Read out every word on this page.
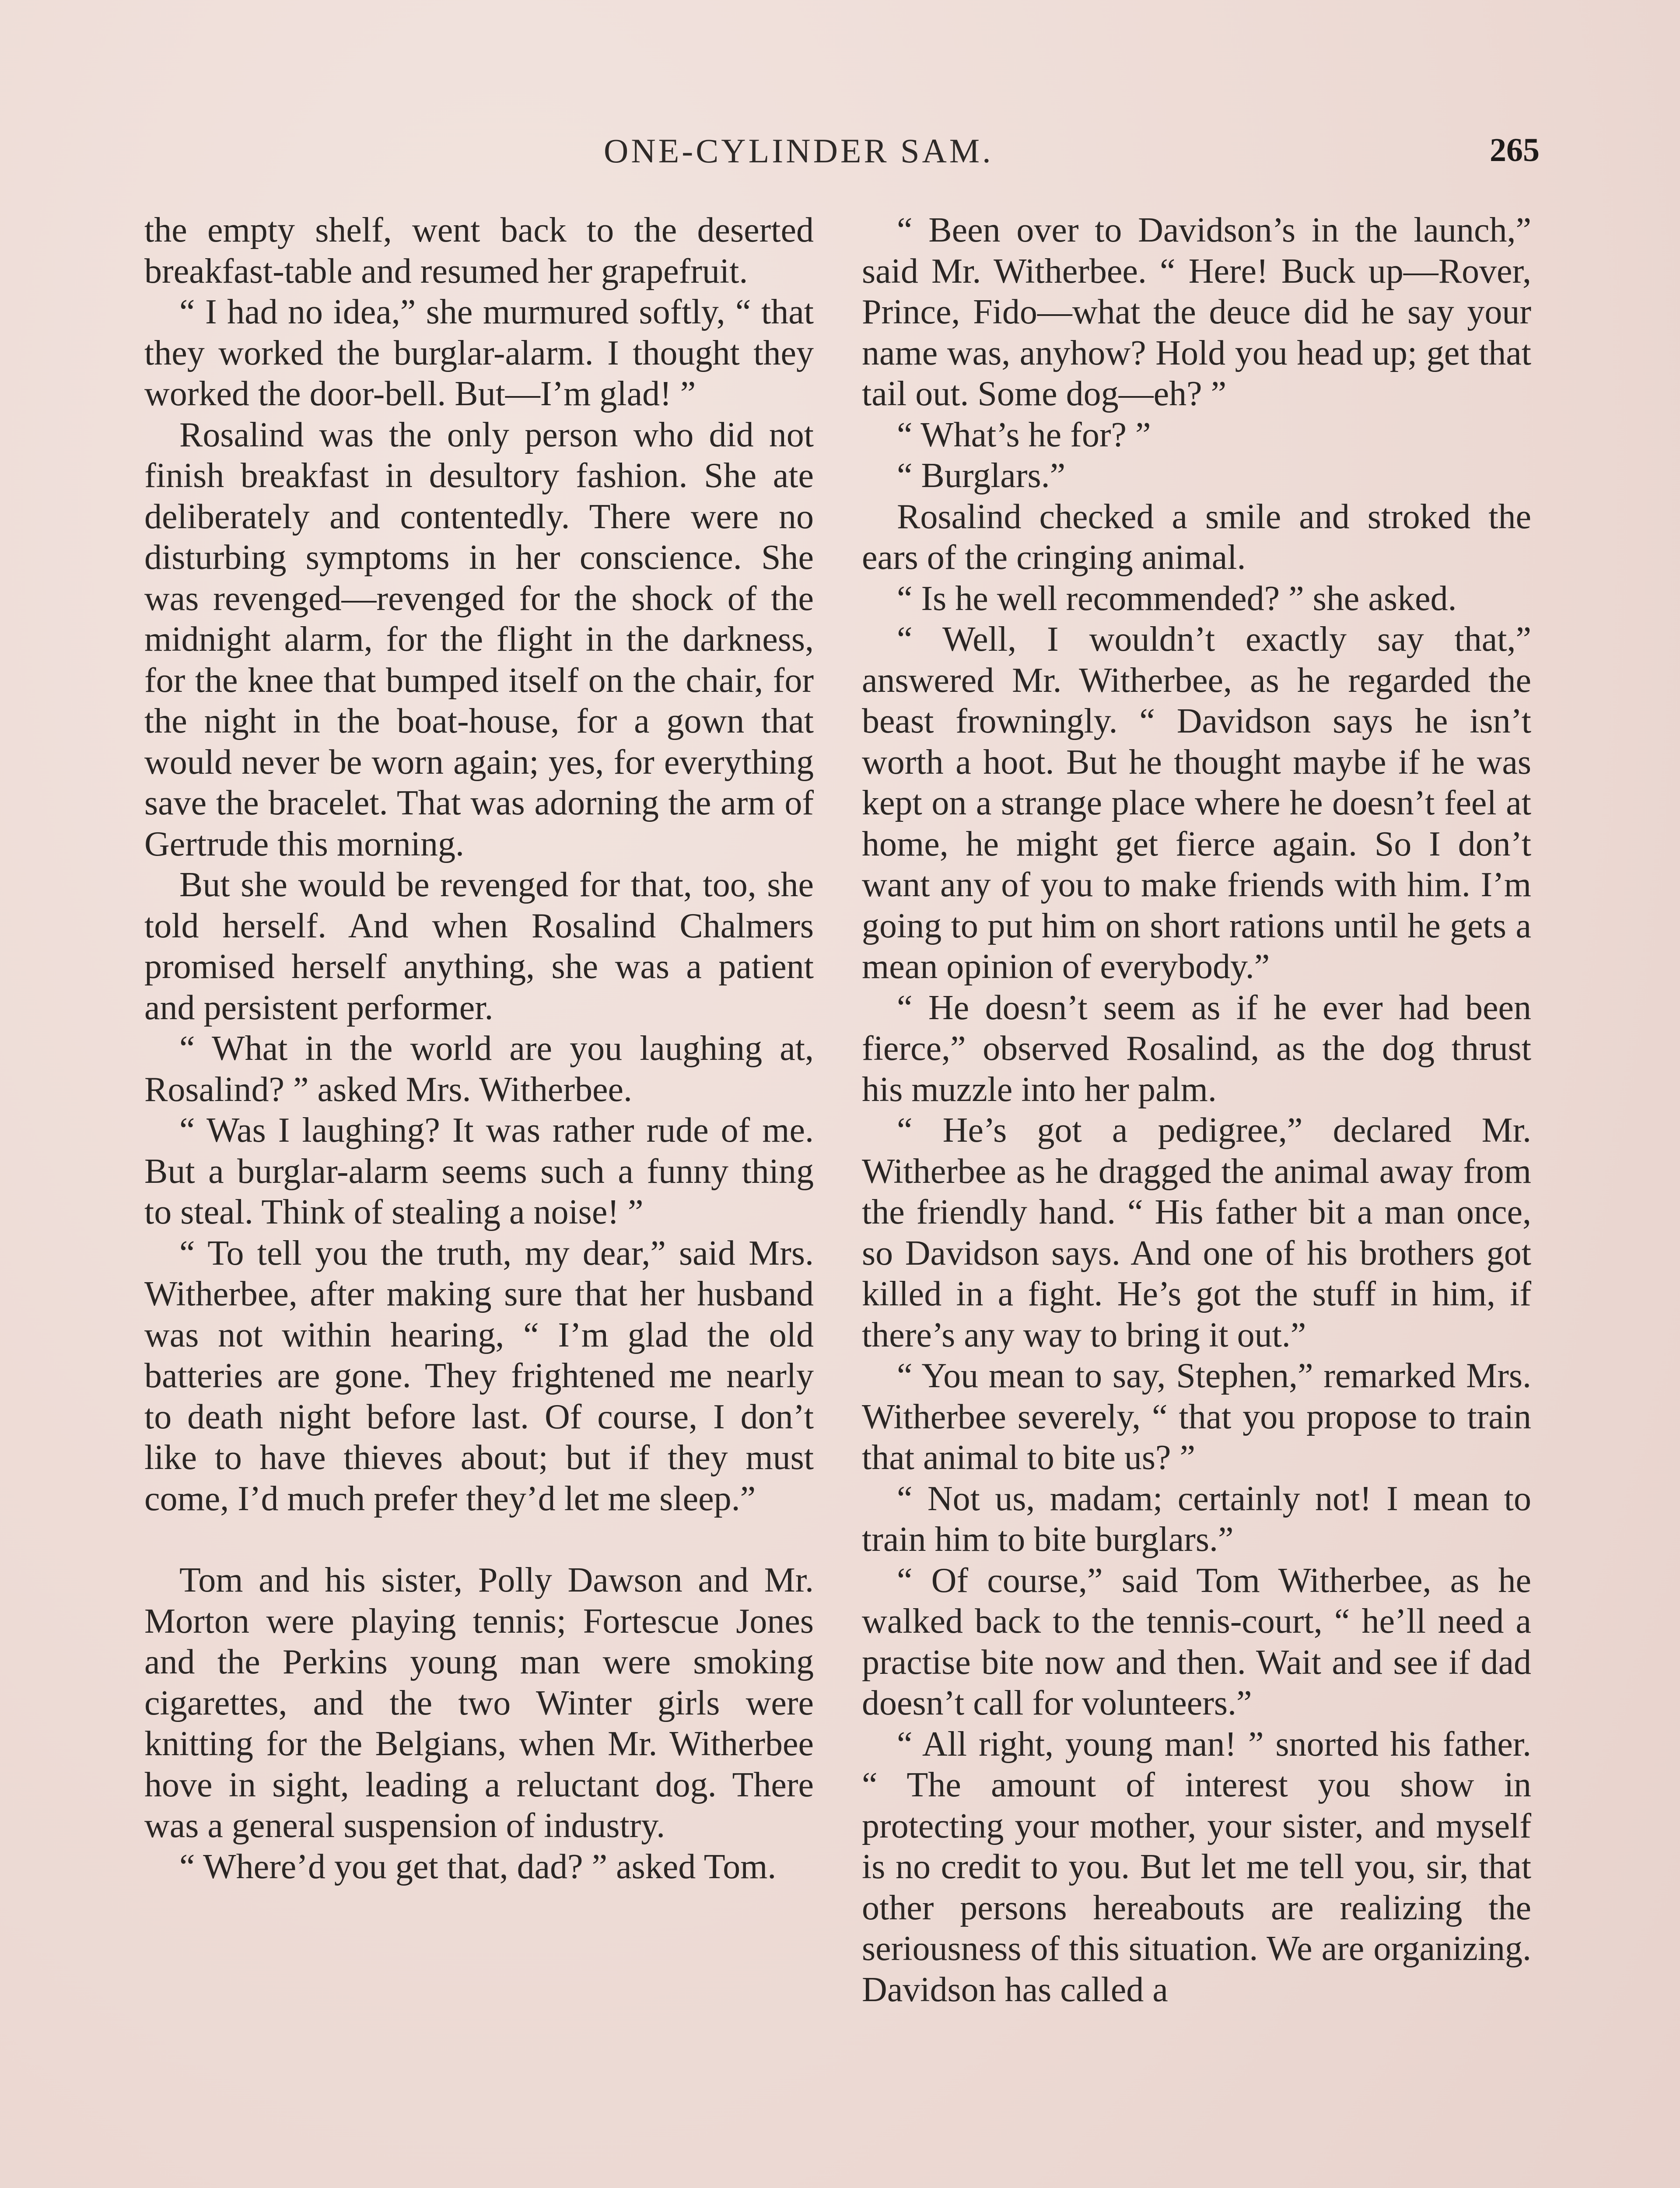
ONE-CYLINDER SAM.	265

the empty shelf, went back to the deserted breakfast-table and resumed her grapefruit.

“ I had no idea,” she murmured softly, “ that they worked the burglar-alarm. I thought they worked the door-bell. But—I’m glad! ”

Rosalind was the only person who did not finish breakfast in desultory fashion. She ate deliberately and contentedly. There were no disturbing symptoms in her conscience. She was revenged—revenged for the shock of the midnight alarm, for the flight in the darkness, for the knee that bumped itself on the chair, for the night in the boat-house, for a gown that would never be worn again; yes, for everything save the bracelet. That was adorning the arm of Gertrude this morning.

But she would be revenged for that, too, she told herself. And when Rosalind Chalmers promised herself anything, she was a patient and persistent performer.

“ What in the world are you laughing at, Rosalind? ” asked Mrs. Witherbee.

“ Was I laughing? It was rather rude of me. But a burglar-alarm seems such a funny thing to steal. Think of stealing a noise! ”

“ To tell you the truth, my dear,” said Mrs. Witherbee, after making sure that her husband was not within hearing, “ I’m glad the old batteries are gone. They frightened me nearly to death night before last. Of course, I don’t like to have thieves about; but if they must come, I’d much prefer they’d let me sleep.”

Tom and his sister, Polly Dawson and Mr. Morton were playing tennis; Fortescue Jones and the Perkins young man were smoking cigarettes, and the two Winter girls were knitting for the Belgians, when Mr. Witherbee hove in sight, leading a reluctant dog. There was a general suspension of industry.

“ Where’d you get that, dad? ” asked Tom.

“ Been over to Davidson’s in the launch,” said Mr. Witherbee. “ Here! Buck up—Rover, Prince, Fido—what the deuce did he say your name was, anyhow? Hold you head up; get that tail out. Some dog—eh? ”

“ What’s he for? ”

“ Burglars.”

Rosalind checked a smile and stroked the ears of the cringing animal.

“ Is he well recommended? ” she asked.

“ Well, I wouldn’t exactly say that,” answered Mr. Witherbee, as he regarded the beast frowningly. “ Davidson says he isn’t worth a hoot. But he thought maybe if he was kept on a strange place where he doesn’t feel at home, he might get fierce again. So I don’t want any of you to make friends with him. I’m going to put him on short rations until he gets a mean opinion of everybody.”

“ He doesn’t seem as if he ever had been fierce,” observed Rosalind, as the dog thrust his muzzle into her palm.

“ He’s got a pedigree,” declared Mr. Witherbee as he dragged the animal away from the friendly hand. “ His father bit a man once, so Davidson says. And one of his brothers got killed in a fight. He’s got the stuff in him, if there’s any way to bring it out.”

“ You mean to say, Stephen,” remarked Mrs. Witherbee severely, “ that you propose to train that animal to bite us? ”

“ Not us, madam; certainly not! I mean to train him to bite burglars.”

“ Of course,” said Tom Witherbee, as he walked back to the tennis-court, “ he’ll need a practise bite now and then. Wait and see if dad doesn’t call for volunteers.”

“ All right, young man! ” snorted his father. “ The amount of interest you show in protecting your mother, your sister, and myself is no credit to you. But let me tell you, sir, that other persons hereabouts are realizing the seriousness of this situation. We are organizing. Davidson has called a
